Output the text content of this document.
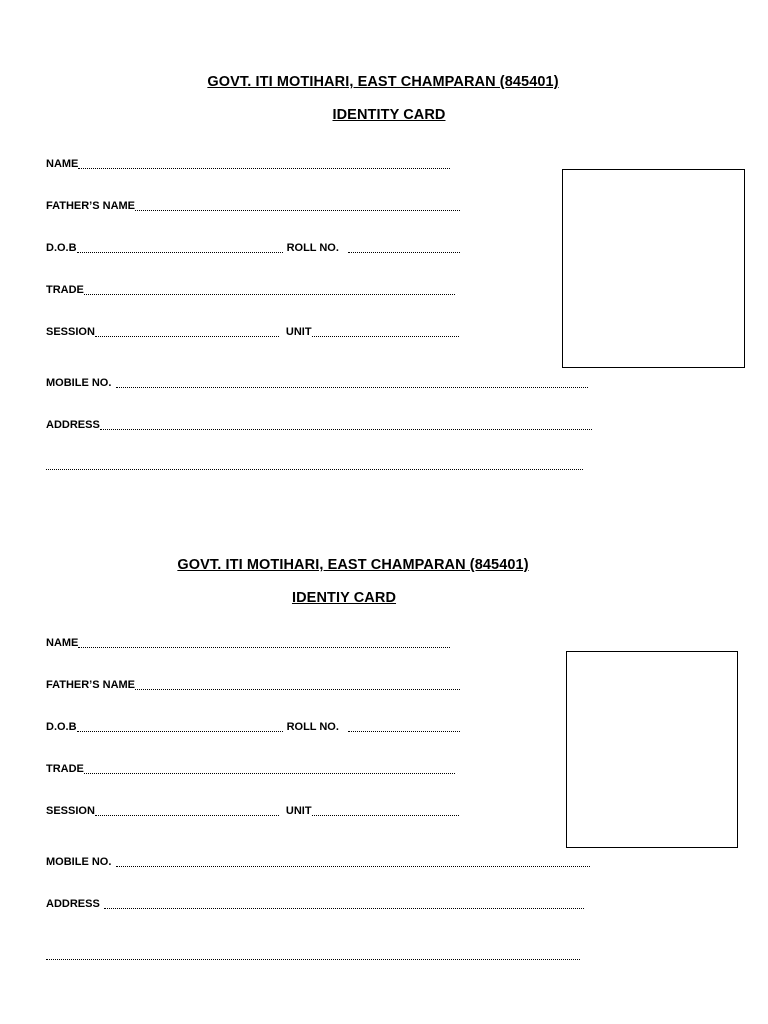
GOVT. ITI MOTIHARI, EAST CHAMPARAN (845401)
IDENTITY CARD
NAME
FATHER’S NAME
D.O.B	ROLL NO.
TRADE
SESSION	UNIT
MOBILE NO.
ADDRESS
GOVT. ITI MOTIHARI, EAST CHAMPARAN (845401)
IDENTIY CARD
NAME
FATHER’S NAME
D.O.B	ROLL NO.
TRADE
SESSION	UNIT
MOBILE NO.
ADDRESS
